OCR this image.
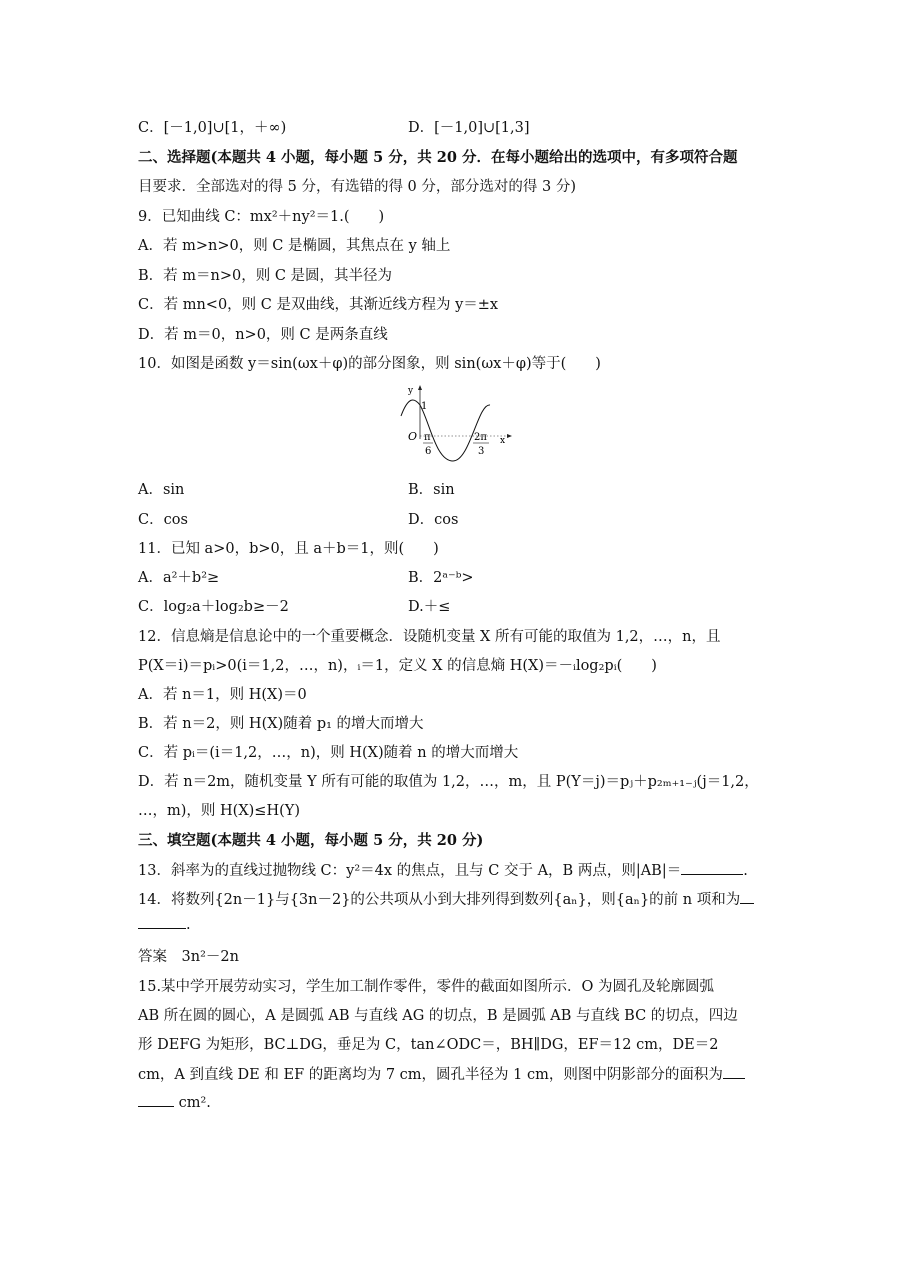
C．[－1,0]∪[1，＋∞)	D．[－1,0]∪[1,3]
二、选择题(本题共 4 小题，每小题 5 分，共 20 分．在每小题给出的选项中，有多项符合题
目要求．全部选对的得 5 分，有选错的得 0 分，部分选对的得 3 分)
9．已知曲线 C：mx²＋ny²＝1.(　　)
A．若 m>n>0，则 C 是椭圆，其焦点在 y 轴上
B．若 m＝n>0，则 C 是圆，其半径为
C．若 mn<0，则 C 是双曲线，其渐近线方程为 y＝±x
D．若 m＝0，n>0，则 C 是两条直线
10．如图是函数 y＝sin(ωx＋φ)的部分图象，则 sin(ωx＋φ)等于(　　)
y
1
O π
6
2π
3
x
A．sin	B．sin
C．cos	D．cos
11．已知 a>0，b>0，且 a＋b＝1，则(　　)
A．a²＋b²≥	B．2ᵃ⁻ᵇ>
C．log₂a＋log₂b≥－2	D.＋≤
12．信息熵是信息论中的一个重要概念．设随机变量 X 所有可能的取值为 1,2，…，n，且
P(X＝i)＝pᵢ>0(i＝1,2，…，n)，ᵢ＝1，定义 X 的信息熵 H(X)＝－ᵢlog₂pᵢ(　　)
A．若 n＝1，则 H(X)＝0
B．若 n＝2，则 H(X)随着 p₁ 的增大而增大
C．若 pᵢ＝(i＝1,2，…，n)，则 H(X)随着 n 的增大而增大
D．若 n＝2m，随机变量 Y 所有可能的取值为 1,2，…，m，且 P(Y＝j)＝pⱼ＋p₂ₘ₊₁₋ⱼ(j＝1,2，
…，m)，则 H(X)≤H(Y)
三、填空题(本题共 4 小题，每小题 5 分，共 20 分)
13．斜率为的直线过抛物线 C：y²＝4x 的焦点，且与 C 交于 A，B 两点，则|AB|＝	.
14．将数列{2n－1}与{3n－2}的公共项从小到大排列得到数列{aₙ}，则{aₙ}的前 n 项和为
.
答案　3n²－2n
15.某中学开展劳动实习，学生加工制作零件，零件的截面如图所示．O 为圆孔及轮廓圆弧
AB 所在圆的圆心，A 是圆弧 AB 与直线 AG 的切点，B 是圆弧 AB 与直线 BC 的切点，四边
形 DEFG 为矩形，BC⊥DG，垂足为 C，tan∠ODC＝，BH∥DG，EF＝12 cm，DE＝2
cm，A 到直线 DE 和 EF 的距离均为 7 cm，圆孔半径为 1 cm，则图中阴影部分的面积为
cm².
